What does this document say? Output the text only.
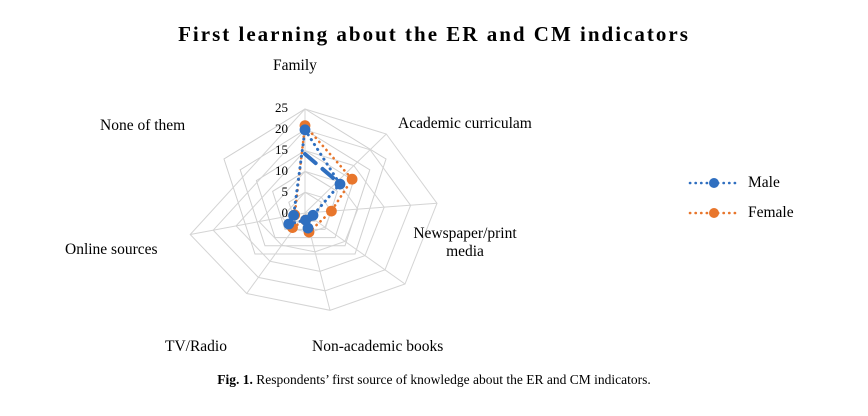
First learning about the ER and CM indicators
0
5
10
15
20
25
Family
Academic curriculam
Newspaper/print media
Non-academic books
TV/Radio
Online sources
None of them
Male
Female
Fig. 1. Respondents’ first source of knowledge about the ER and CM indicators.
